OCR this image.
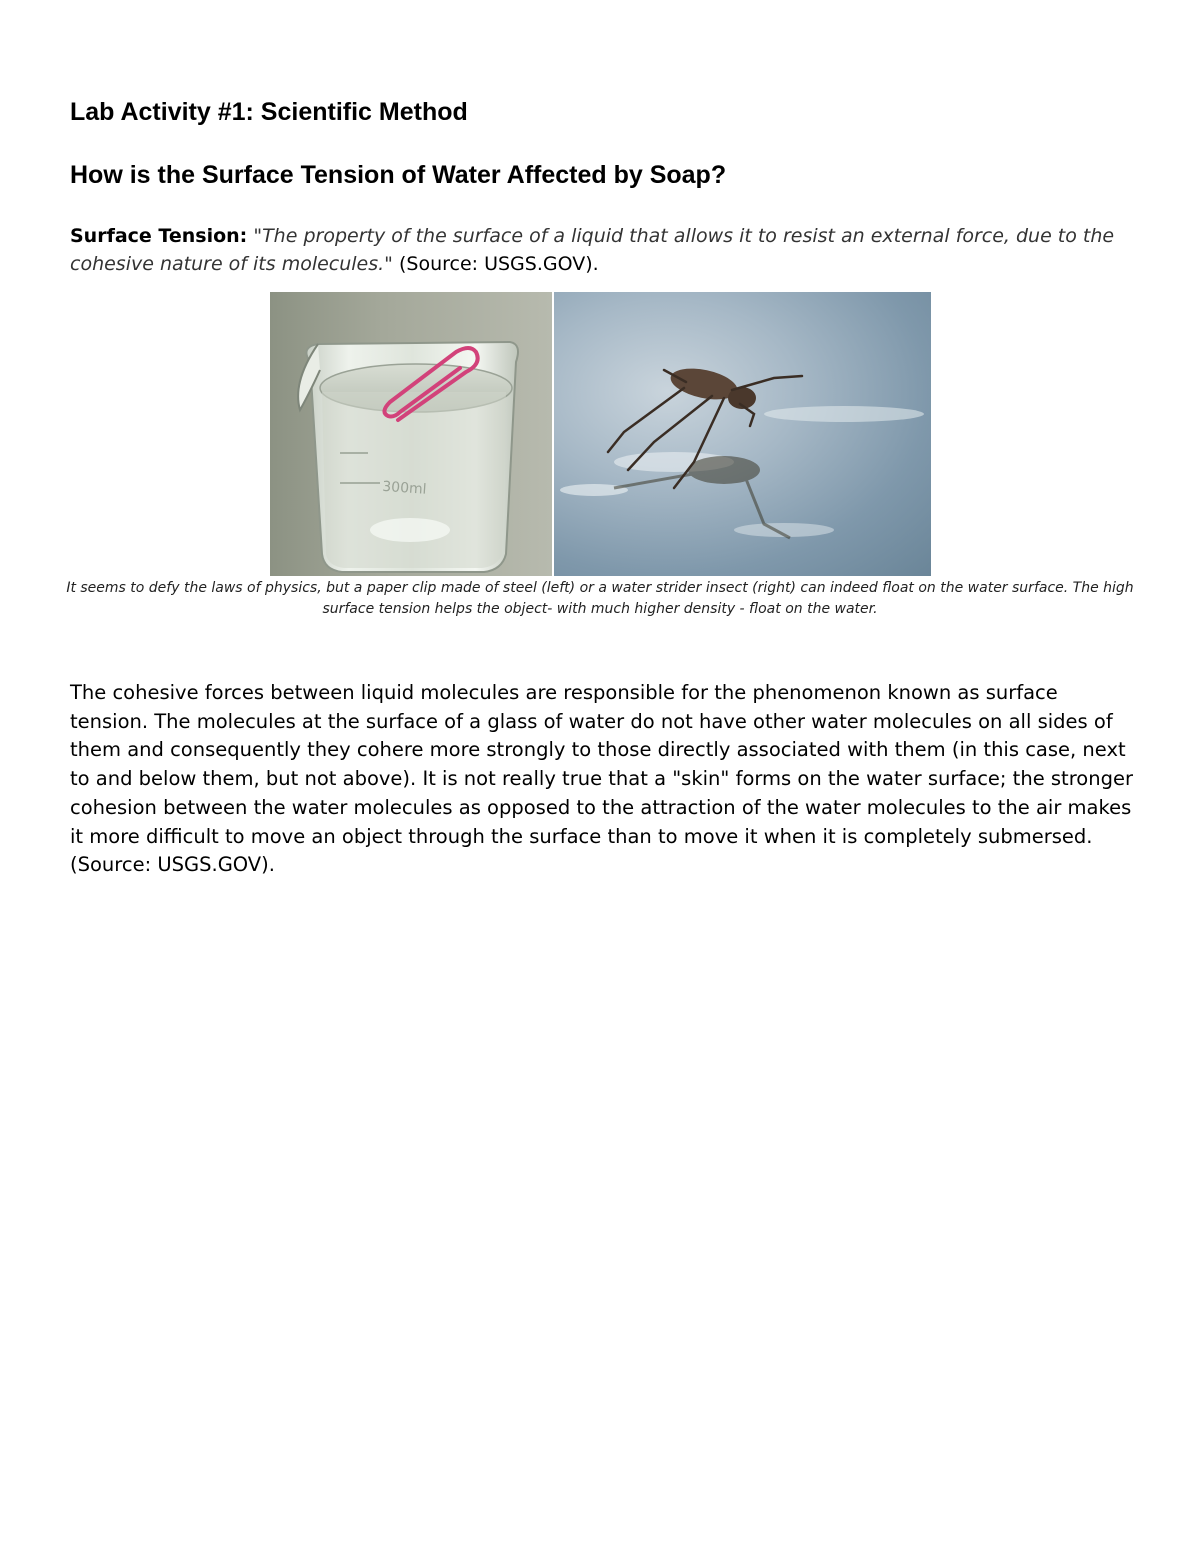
Lab Activity #1: Scientific Method
How is the Surface Tension of Water Affected by Soap?

Surface Tension: "The property of the surface of a liquid that allows it to resist an external force, due to the cohesive nature of its molecules." (Source: USGS.GOV).

300ml

It seems to defy the laws of physics, but a paper clip made of steel (left) or a water strider insect (right) can indeed float on the water surface. The high surface tension helps the object- with much higher density - float on the water.

The cohesive forces between liquid molecules are responsible for the phenomenon known as surface tension. The molecules at the surface of a glass of water do not have other water molecules on all sides of them and consequently they cohere more strongly to those directly associated with them (in this case, next to and below them, but not above). It is not really true that a "skin" forms on the water surface; the stronger cohesion between the water molecules as opposed to the attraction of the water molecules to the air makes it more difficult to move an object through the surface than to move it when it is completely submersed. (Source: USGS.GOV).
